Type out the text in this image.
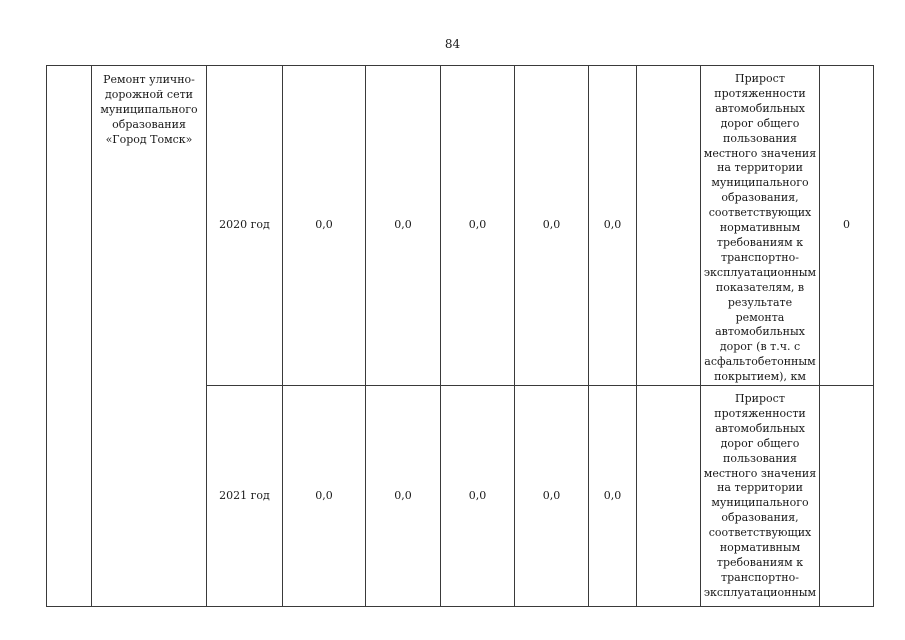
84
	Ремонт улично-дорожной сети муниципального образования «Город Томск»	2020 год	0,0	0,0	0,0	0,0	0,0		Прирост протяженности автомобильных дорог общего пользования местного значения на территории муниципального образования, соответствующих нормативным требованиям к транспортно-эксплуатационным показателям, в результате ремонта автомобильных дорог (в т.ч. с асфальтобетонным покрытием), км	0
		2021 год	0,0	0,0	0,0	0,0	0,0		Прирост протяженности автомобильных дорог общего пользования местного значения на территории муниципального образования, соответствующих нормативным требованиям к транспортно-эксплуатационным	
